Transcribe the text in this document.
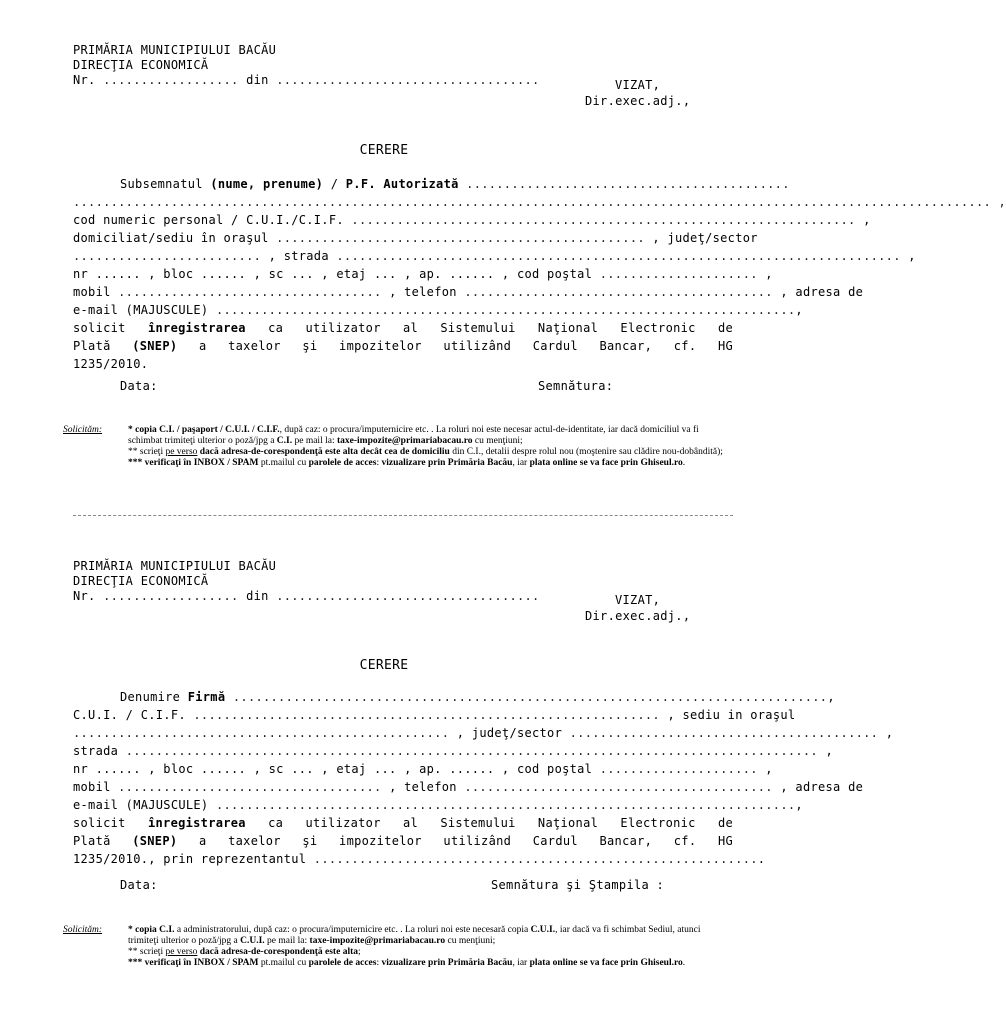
PRIMĂRIA MUNICIPIULUI BACĂU
DIRECŢIA ECONOMICĂ
Nr. .................. din ...................................	VIZAT,
Dir.exec.adj.,
CERERE
Subsemnatul (nume, prenume) / P.F. Autorizată ...........................................
.......................................................................................................................... ,
cod numeric personal / C.U.I./C.I.F. ................................................................... ,
domiciliat/sediu în oraşul ................................................. , judeţ/sector
......................... , strada ........................................................................... ,
nr ...... , bloc ...... , sc ... , etaj ... , ap. ...... , cod poştal ..................... ,
mobil ................................... , telefon ......................................... , adresa de
e-mail (MAJUSCULE) .............................................................................,
solicit înregistrarea ca utilizator al Sistemului Naţional Electronic de
Plată (SNEP) a taxelor şi impozitelor utilizând Cardul Bancar, cf. HG
1235/2010.
Data:	Semnătura:
Solicităm:	* copia C.I. / paşaport / C.U.I. / C.I.F., după caz: o procura/imputernicire etc. . La roluri noi este necesar actul-de-identitate, iar dacă domiciliul va fi schimbat trimiteţi ulterior o poză/jpg a C.I. pe mail la: taxe-impozite@primariabacau.ro cu menţiuni;
** scrieţi pe verso dacă adresa-de-corespondenţă este alta decât cea de domiciliu din C.I., detalii despre rolul nou (moştenire sau clădire nou-dobândită);
*** verificaţi în INBOX / SPAM pt.mailul cu parolele de acces: vizualizare prin Primăria Bacău, iar plata online se va face prin Ghiseul.ro.
PRIMĂRIA MUNICIPIULUI BACĂU
DIRECŢIA ECONOMICĂ
Nr. .................. din ...................................	VIZAT,
Dir.exec.adj.,
CERERE
Denumire Firmă ...............................................................................,
C.U.I. / C.I.F. .............................................................. , sediu in oraşul
.................................................. , judeţ/sector ......................................... ,
strada ............................................................................................ ,
nr ...... , bloc ...... , sc ... , etaj ... , ap. ...... , cod poştal ..................... ,
mobil ................................... , telefon ......................................... , adresa de
e-mail (MAJUSCULE) .............................................................................,
solicit înregistrarea ca utilizator al Sistemului Naţional Electronic de
Plată (SNEP) a taxelor şi impozitelor utilizând Cardul Bancar, cf. HG
1235/2010., prin reprezentantul ............................................................
Data:	Semnătura şi Ştampila :
Solicităm:	* copia C.I. a administratorului, după caz: o procura/imputernicire etc. . La roluri noi este necesară copia C.U.I., iar dacă va fi schimbat Sediul, atunci trimiteţi ulterior o poză/jpg a C.U.I. pe mail la: taxe-impozite@primariabacau.ro cu menţiuni;
** scrieţi pe verso dacă adresa-de-corespondenţă este alta;
*** verificaţi în INBOX / SPAM pt.mailul cu parolele de acces: vizualizare prin Primăria Bacău, iar plata online se va face prin Ghiseul.ro.
